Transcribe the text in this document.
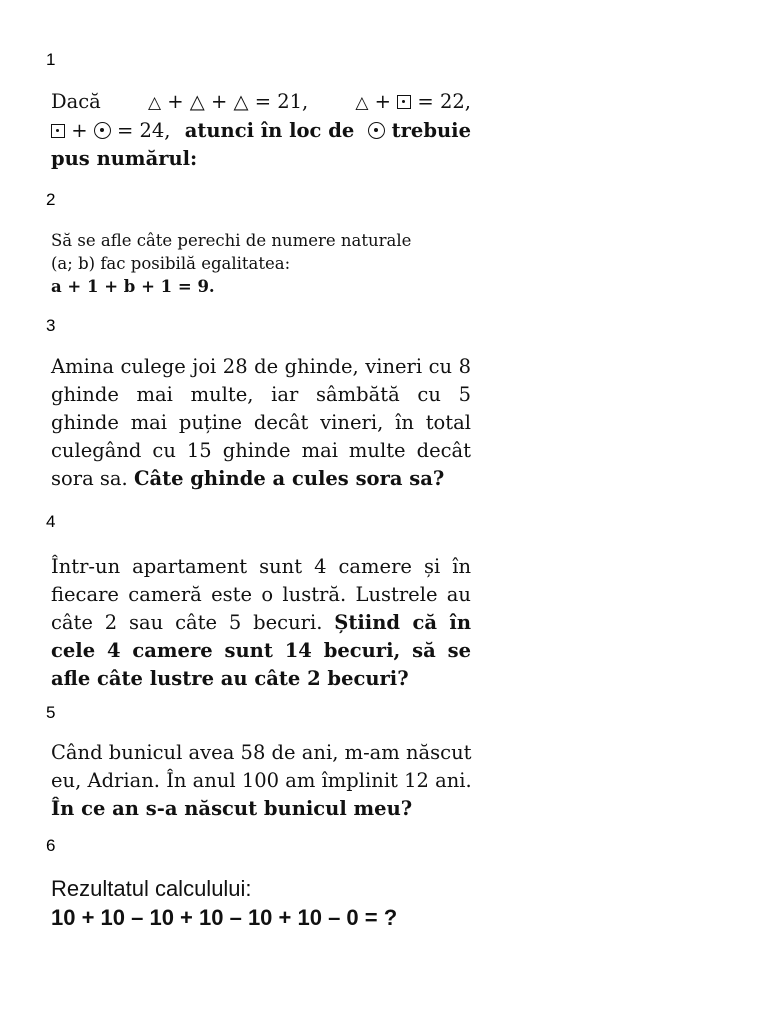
1
Dacă	△ + △ + △ = 21,	△ + = 22,
+ = 24, atunci în loc de	trebuie
pus numărul:
2
Să se afle câte perechi de numere naturale
(a; b) fac posibilă egalitatea:
a + 1 + b + 1 = 9.
3
Amina culege joi 28 de ghinde, vineri cu 8 ghinde mai multe, iar sâmbătă cu 5 ghinde mai puține decât vineri, în total culegând cu 15 ghinde mai multe decât sora sa. Câte ghinde a cules sora sa?
4
Într-un apartament sunt 4 camere și în fiecare cameră este o lustră. Lustrele au câte 2 sau câte 5 becuri. Știind că în cele 4 camere sunt 14 becuri, să se afle câte lustre au câte 2 becuri?
5
Când bunicul avea 58 de ani, m-am născut
eu, Adrian. În anul 100 am împlinit 12 ani.
În ce an s-a născut bunicul meu?
6
Rezultatul calculului:
10 + 10 – 10 + 10 – 10 + 10 – 0 = ?
